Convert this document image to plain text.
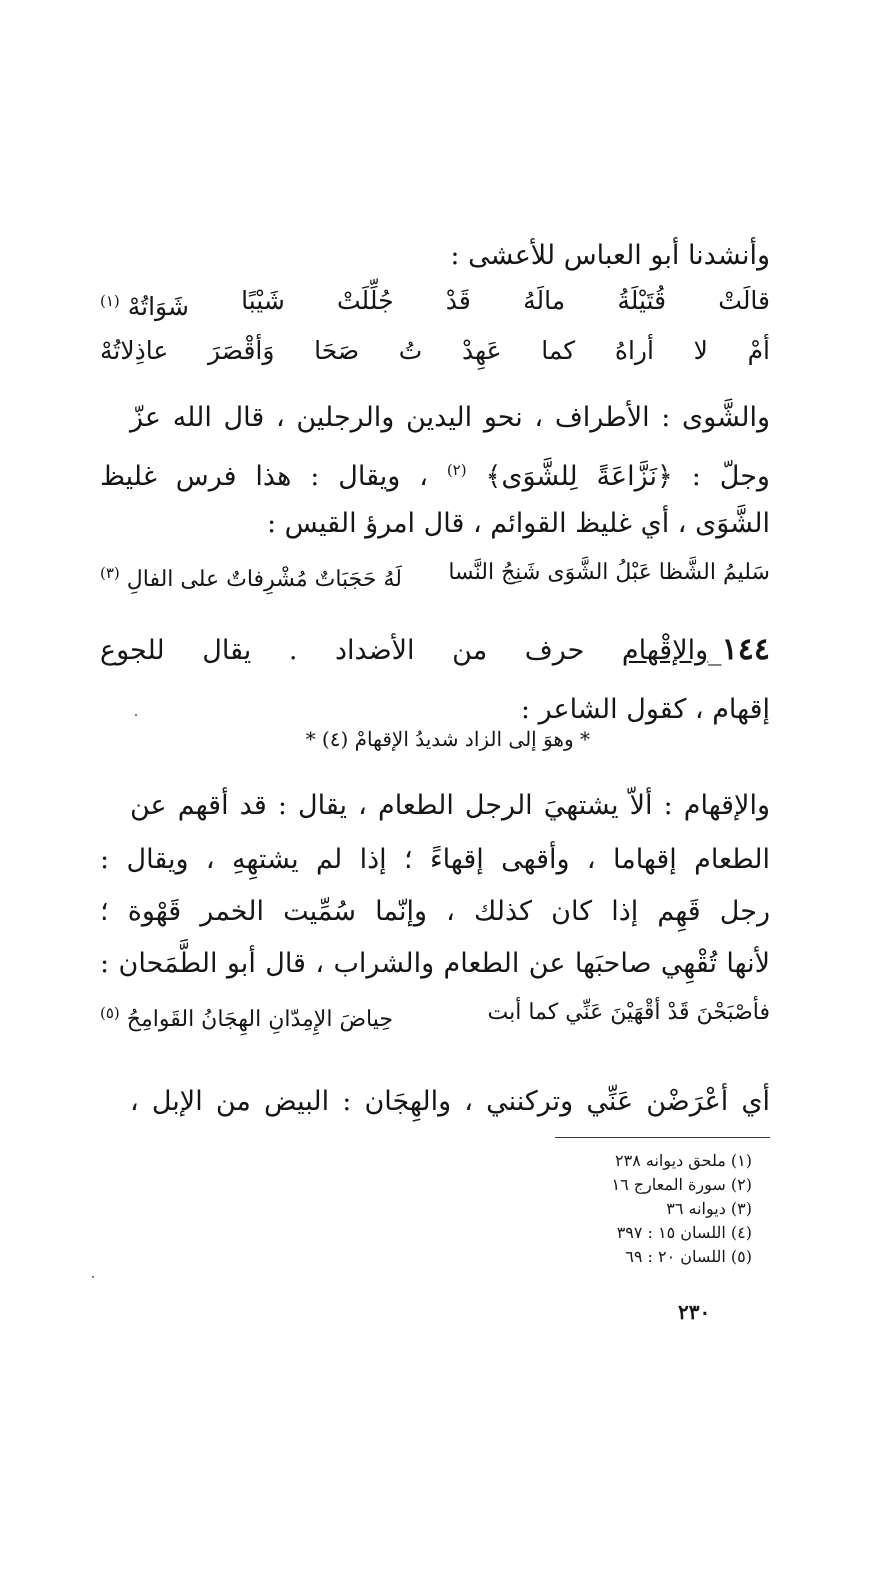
وأنشدنا أبو العباس للأعشى :
قالَتْ
قُتَيْلَةُ
مالَهُ
قَدْ
جُلِّلَتْ
شَيْبًا
شَوَاتُهْ (١)
أمْ
لا
أراهُ
كما
عَهِدْ
تُ
صَحَا
وَأقْصَرَ
عاذِلاتُهْ
والشَّوى : الأطراف ، نحو اليدين والرجلين ، قال الله عزّ
وجلّ : ﴿نَزَّاعَةً لِلشَّوَى﴾ $^{(٢)}$ ، ويقال : هذا فرس غليظ
الشَّوَى ، أي غليظ القوائم ، قال امرؤ القيس :
سَليمُ الشَّظا عَبْلُ الشَّوَى شَنِجُ النَّسا
لَهُ حَجَبَاتٌ مُشْرِفاتٌ على الفالِ (٣)
١٤٤_والإقْهام حرف من الأضداد . يقال للجوع
إقهام ، كقول الشاعر :
* وهوَ إلى الزاد شديدُ الإقهامْ (٤) *
والإقهام : ألاّ يشتهيَ الرجل الطعام ، يقال : قد أقهم عن
الطعام إقهاما ، وأقهى إقهاءً ؛ إذا لم يشتهِهِ ، ويقال :
رجل قَهِم إذا كان كذلك ، وإنّما سُمِّيت الخمر قَهْوة ؛
لأنها تُقْهِي صاحبَها عن الطعام والشراب ، قال أبو الطَّمَحان :
فأصْبَحْنَ قَدْ أقْهَيْنَ عَنِّي كما أبت
حِياضَ الإِمِدّانِ الهِجَانُ القَوامِحُ (٥)
أي أعْرَضْن عَنِّي وتركنني ، والهِجَان : البيض من الإبل ،
(١) ملحق ديوانه ٢٣٨
(٢) سورة المعارج ١٦
(٣) ديوانه ٣٦
(٤) اللسان ١٥ : ٣٩٧
(٥) اللسان ٢٠ : ٦٩
٢٣٠
